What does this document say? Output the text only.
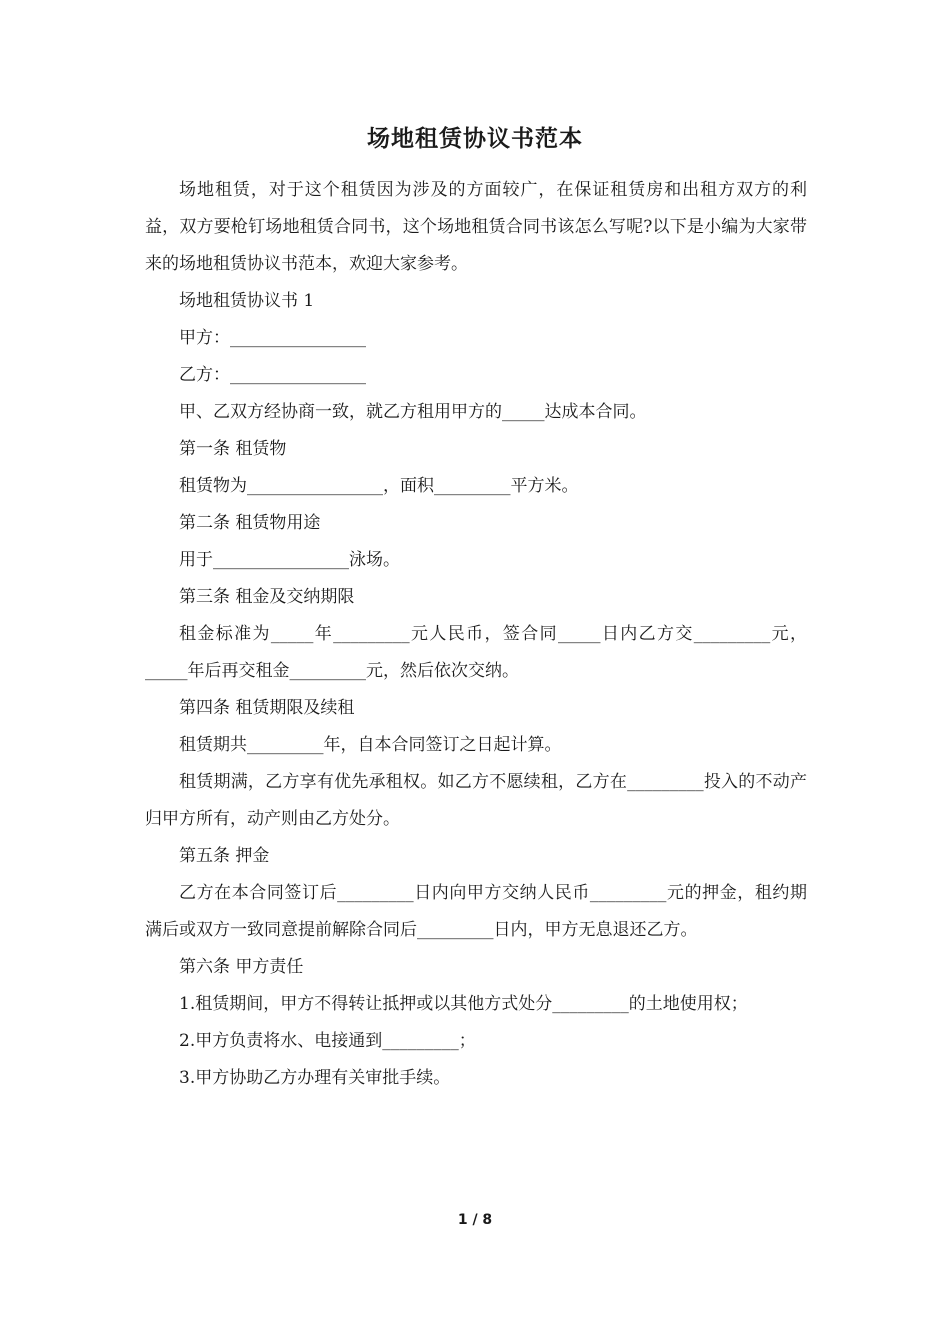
场地租赁协议书范本

场地租赁，对于这个租赁因为涉及的方面较广，在保证租赁房和出租方双方的利益，双方要枪钉场地租赁合同书，这个场地租赁合同书该怎么写呢?以下是小编为大家带来的场地租赁协议书范本，欢迎大家参考。

场地租赁协议书 1

甲方：________________

乙方：________________

甲、乙双方经协商一致，就乙方租用甲方的_____达成本合同。

第一条 租赁物

租赁物为________________，面积_________平方米。

第二条 租赁物用途

用于________________泳场。

第三条 租金及交纳期限

租金标准为_____年_________元人民币，签合同_____日内乙方交_________元，_____年后再交租金_________元，然后依次交纳。

第四条 租赁期限及续租

租赁期共_________年，自本合同签订之日起计算。

租赁期满，乙方享有优先承租权。如乙方不愿续租，乙方在_________投入的不动产归甲方所有，动产则由乙方处分。

第五条 押金

乙方在本合同签订后_________日内向甲方交纳人民币_________元的押金，租约期满后或双方一致同意提前解除合同后_________日内，甲方无息退还乙方。

第六条 甲方责任

1.租赁期间，甲方不得转让抵押或以其他方式处分_________的土地使用权；

2.甲方负责将水、电接通到_________；

3.甲方协助乙方办理有关审批手续。

1 / 8
